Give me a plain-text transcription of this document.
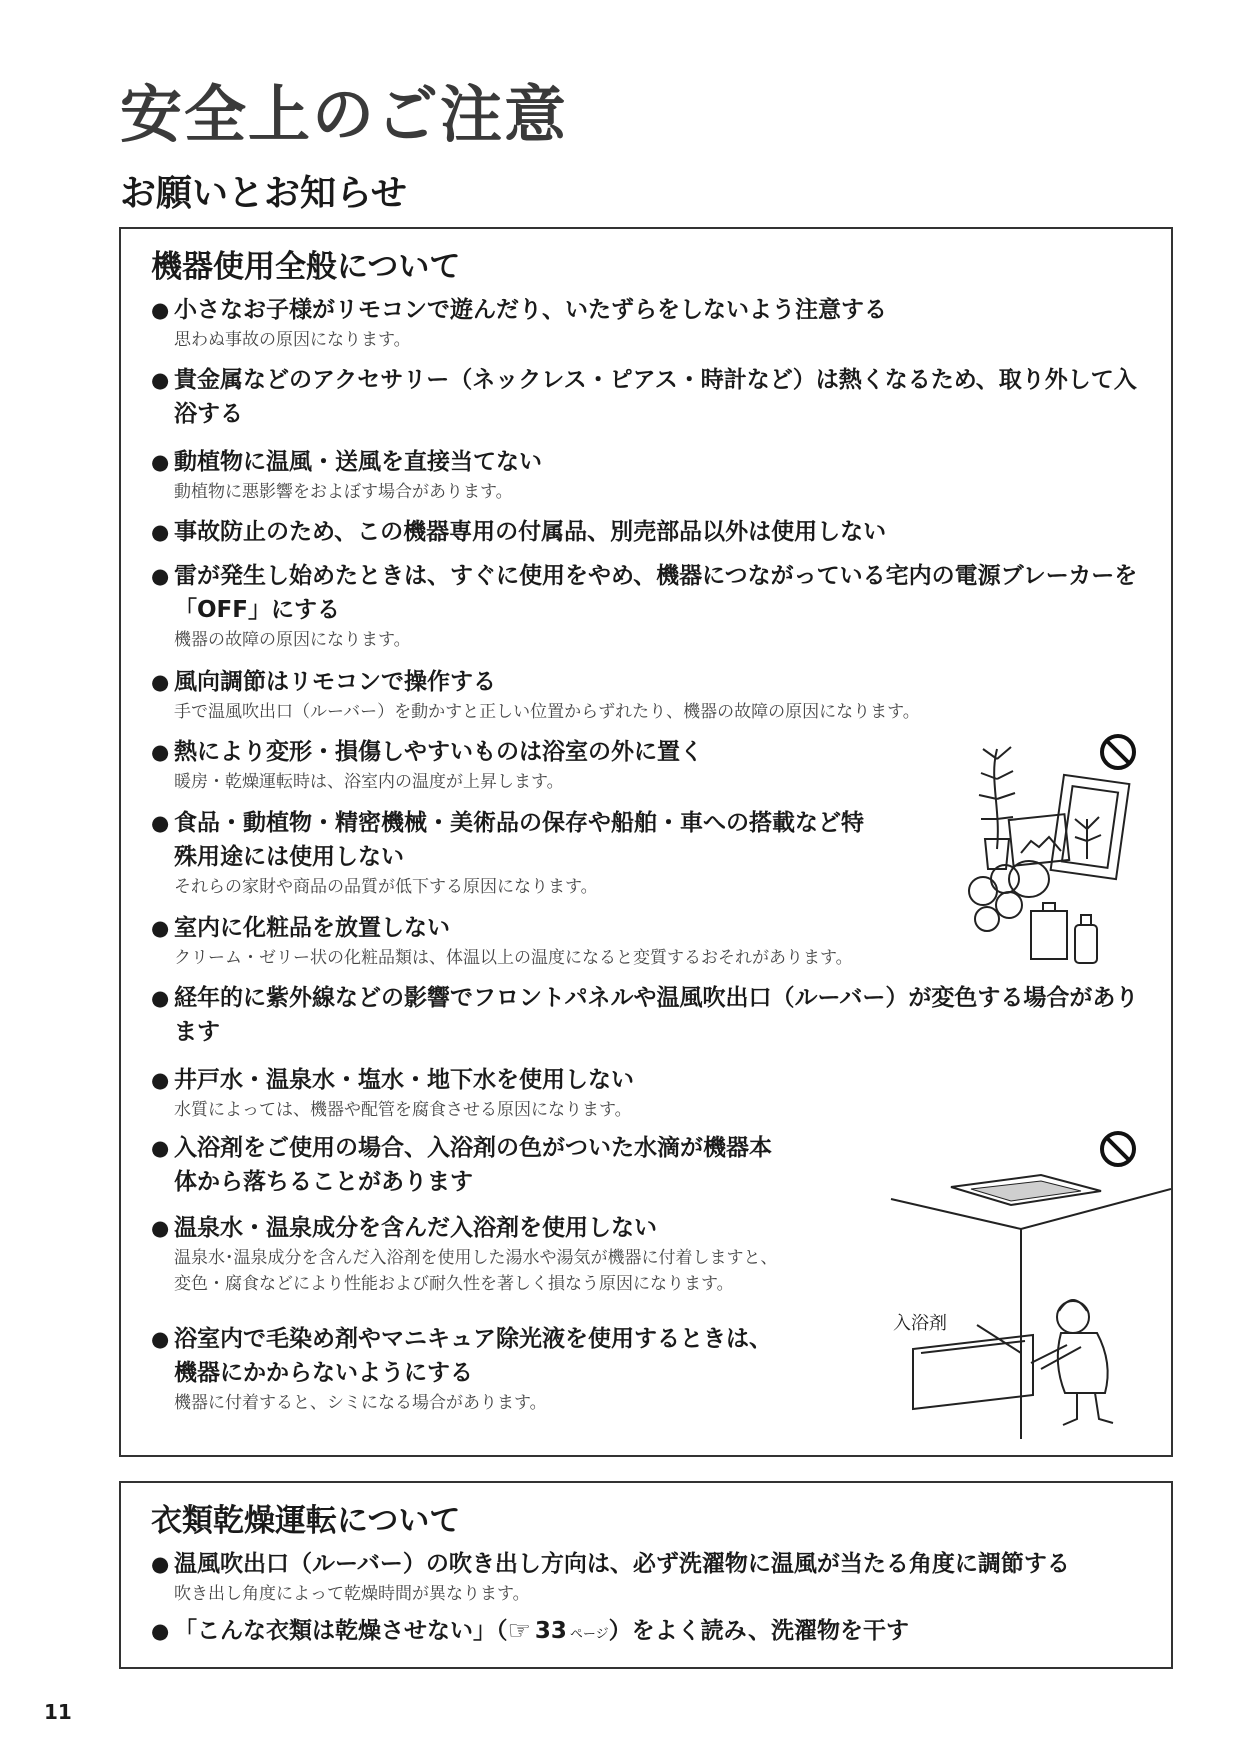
安全上のご注意
お願いとお知らせ
機器使用全般について

● 小さなお子様がリモコンで遊んだり、いたずらをしないよう注意する

思わぬ事故の原因になります。

● 貴金属などのアクセサリー（ネックレス・ピアス・時計など）は熱くなるため、取り外して入浴する

● 動植物に温風・送風を直接当てない

動植物に悪影響をおよぼす場合があります。

● 事故防止のため、この機器専用の付属品、別売部品以外は使用しない

● 雷が発生し始めたときは、すぐに使用をやめ、機器につながっている宅内の電源ブレーカーを「OFF」にする

機器の故障の原因になります。

● 風向調節はリモコンで操作する

手で温風吹出口（ルーバー）を動かすと正しい位置からずれたり、機器の故障の原因になります。

● 熱により変形・損傷しやすいものは浴室の外に置く

暖房・乾燥運転時は、浴室内の温度が上昇します。

● 食品・動植物・精密機械・美術品の保存や船舶・車への搭載など特殊用途には使用しない

それらの家財や商品の品質が低下する原因になります。

● 室内に化粧品を放置しない

クリーム・ゼリー状の化粧品類は、体温以上の温度になると変質するおそれがあります。

● 経年的に紫外線などの影響でフロントパネルや温風吹出口（ルーバー）が変色する場合があります

● 井戸水・温泉水・塩水・地下水を使用しない

水質によっては、機器や配管を腐食させる原因になります。

● 入浴剤をご使用の場合、入浴剤の色がついた水滴が機器本体から落ちることがあります

● 温泉水・温泉成分を含んだ入浴剤を使用しない

温泉水･温泉成分を含んだ入浴剤を使用した湯水や湯気が機器に付着しますと、変色・腐食などにより性能および耐久性を著しく損なう原因になります。

● 浴室内で毛染め剤やマニキュア除光液を使用するときは、機器にかからないようにする

機器に付着すると、シミになる場合があります。

入浴剤
衣類乾燥運転について

● 温風吹出口（ルーバー）の吹き出し方向は、必ず洗濯物に温風が当たる角度に調節する

吹き出し角度によって乾燥時間が異なります。

● 「こんな衣類は乾燥させない」（ ☞ 33 ページ ）をよく読み、洗濯物を干す

11
